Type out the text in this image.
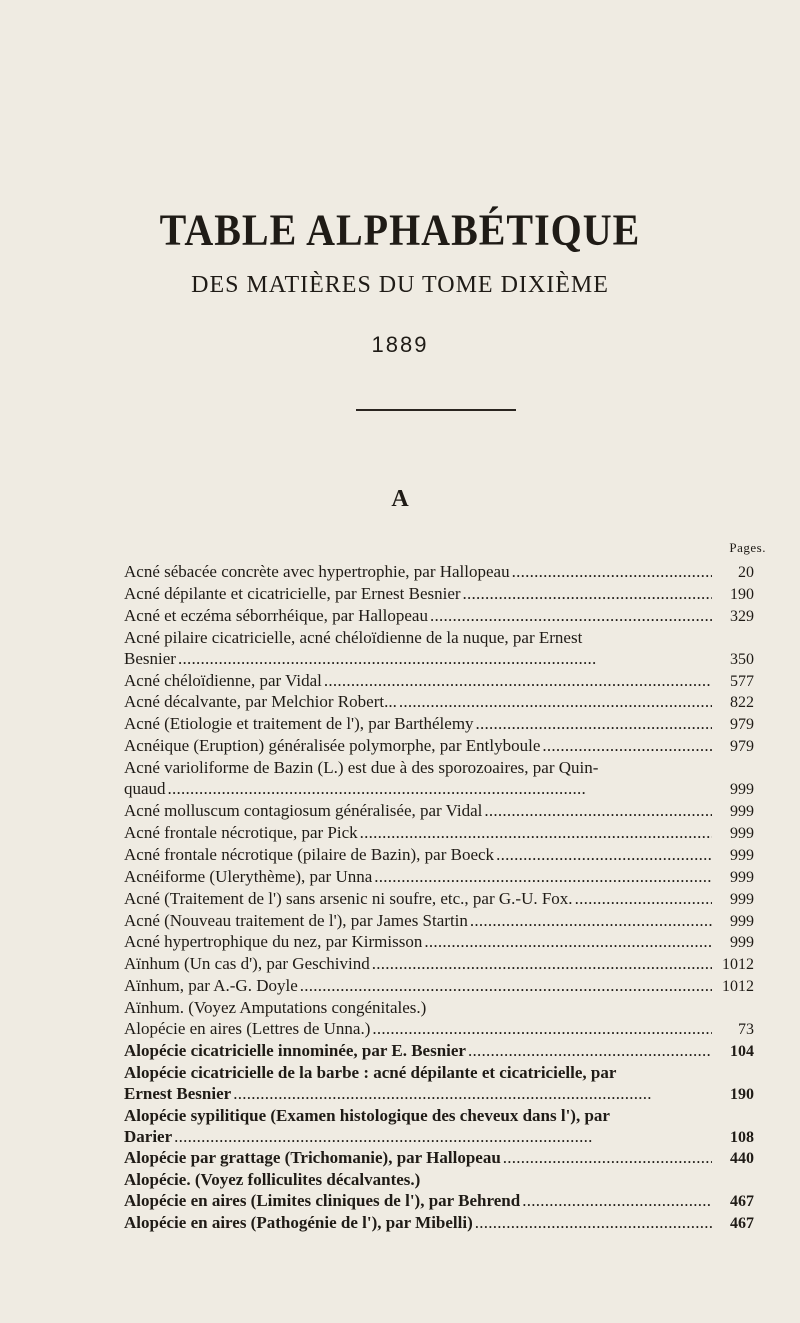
TABLE ALPHABÉTIQUE
DES MATIÈRES DU TOME DIXIÈME
1889
A
Pages.
Acné sébacée concrète avec hypertrophie, par Hallopeau . . .	20
Acné dépilante et cicatricielle, par Ernest Besnier . . .	190
Acné et eczéma séborrhéique, par Hallopeau . . .	329
Acné pilaire cicatricielle, acné chéloïdienne de la nuque, par Ernest
Besnier . . .	350
Acné chéloïdienne, par Vidal . . .	577
Acné décalvante, par Melchior Robert... . . .	822
Acné (Etiologie et traitement de l'), par Barthélemy . . .	979
Acnéique (Eruption) généralisée polymorphe, par Entlyboule . . .	979
Acné varioliforme de Bazin (L.) est due à des sporozoaires, par Quin-
quaud . . .	999
Acné molluscum contagiosum généralisée, par Vidal . . .	999
Acné frontale nécrotique, par Pick . . .	999
Acné frontale nécrotique (pilaire de Bazin), par Boeck . . .	999
Acnéiforme (Ulerythème), par Unna . . .	999
Acné (Traitement de l') sans arsenic ni soufre, etc., par G.-U. Fox. . . .	999
Acné (Nouveau traitement de l'), par James Startin . . .	999
Acné hypertrophique du nez, par Kirmisson . . .	999
Aïnhum (Un cas d'), par Geschivind . . .	1012
Aïnhum, par A.-G. Doyle . . .	1012
Aïnhum. (Voyez Amputations congénitales.)
Alopécie en aires (Lettres de Unna.) . . .	73
Alopécie cicatricielle innominée, par E. Besnier . . .	104
Alopécie cicatricielle de la barbe : acné dépilante et cicatricielle, par
Ernest Besnier . . .	190
Alopécie sypilitique (Examen histologique des cheveux dans l'), par
Darier . . .	108
Alopécie par grattage (Trichomanie), par Hallopeau . . .	440
Alopécie. (Voyez folliculites décalvantes.)
Alopécie en aires (Limites cliniques de l'), par Behrend . . .	467
Alopécie en aires (Pathogénie de l'), par Mibelli) . . .	467
